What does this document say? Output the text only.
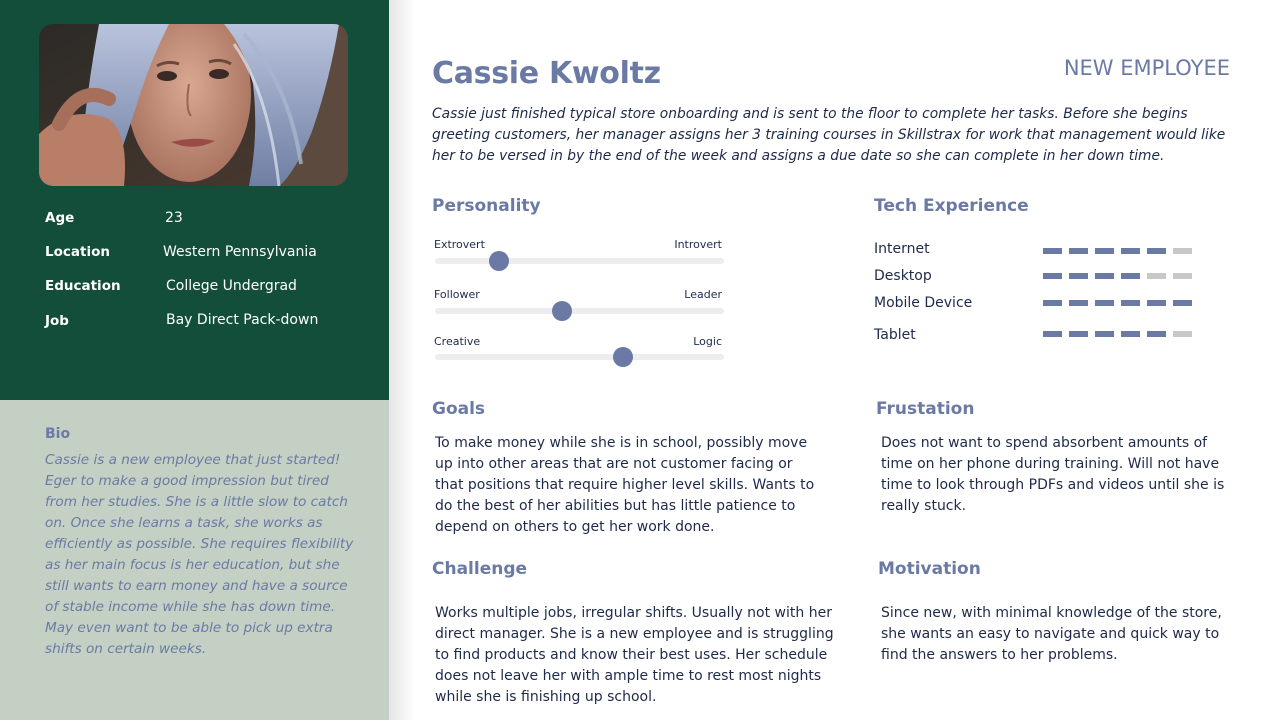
Age	23
Location	Western Pennsylvania
Education	College Undergrad
Job	Bay Direct Pack-down
Bio
Cassie is a new employee that just started! Eger to make a good impression but tired from her studies. She is a little slow to catch on. Once she learns a task, she works as efficiently as possible. She requires flexibility as her main focus is her education, but she still wants to earn money and have a source of stable income while she has down time. May even want to be able to pick up extra shifts on certain weeks.
Cassie Kwoltz	NEW EMPLOYEE
Cassie just finished typical store onboarding and is sent to the floor to complete her tasks. Before she begins greeting customers, her manager assigns her 3 training courses in Skillstrax for work that management would like her to be versed in by the end of the week and assigns a due date so she can complete in her down time.
Personality
Extrovert	Introvert
Follower	Leader
Creative	Logic
Tech Experience
Internet
Desktop
Mobile Device
Tablet
Goals
To make money while she is in school, possibly move up into other areas that are not customer facing or that positions that require higher level skills. Wants to do the best of her abilities but has little patience to depend on others to get her work done.
Frustation
Does not want to spend absorbent amounts of time on her phone during training. Will not have time to look through PDFs and videos until she is really stuck.
Challenge
Works multiple jobs, irregular shifts. Usually not with her direct manager. She is a new employee and is struggling to find products and know their best uses. Her schedule does not leave her with ample time to rest most nights while she is finishing up school.
Motivation
Since new, with minimal knowledge of the store, she wants an easy to navigate and quick way to find the answers to her problems.
